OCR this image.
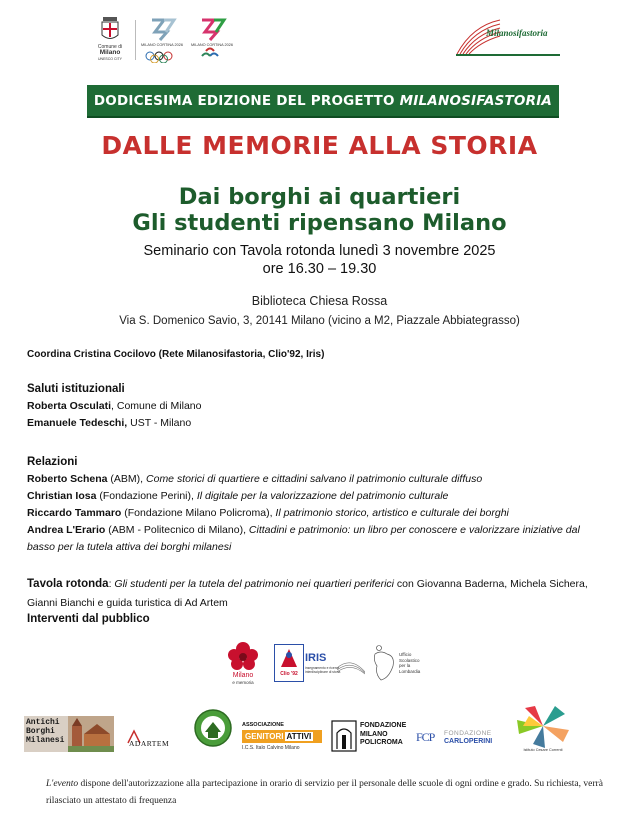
Comune di
Milano
UNESCO CITY
MILANO CORTINA 2026 MILANO CORTINA 2026
Milanosifastoria
DODICESIMA EDIZIONE DEL PROGETTO MILANOSIFASTORIA
DALLE MEMORIE ALLA STORIA
Dai borghi ai quartieri
Gli studenti ripensano Milano
Seminario con Tavola rotonda lunedì 3 novembre 2025
ore 16.30 – 19.30
Biblioteca Chiesa Rossa
Via S. Domenico Savio, 3, 20141 Milano (vicino a M2, Piazzale Abbiategrasso)
Coordina Cristina Cocilovo (Rete Milanosifastoria, Clio'92, Iris)
Saluti istituzionali
Roberta Osculati, Comune di Milano
Emanuele Tedeschi, UST - Milano
Relazioni
Roberto Schena (ABM), Come storici di quartiere e cittadini salvano il patrimonio culturale diffuso
Christian Iosa (Fondazione Perini), Il digitale per la valorizzazione del patrimonio culturale
Riccardo Tammaro (Fondazione Milano Policroma), Il patrimonio storico, artistico e culturale dei borghi
Andrea L'Erario (ABM - Politecnico di Milano), Cittadini e patrimonio: un libro per conoscere e valorizzare iniziative dal basso per la tutela attiva dei borghi milanesi
Tavola rotonda: Gli studenti per la tutela del patrimonio nei quartieri periferici con Giovanna Baderna, Michela Sichera, Gianni Bianchi e guida turistica di Ad Artem
Interventi dal pubblico
Milano
e memoria
Clio '92
IRIS
insegnamento e ricerca interdisciplinare di storia
Ufficio
Scolastico
per la
Lombardia
Antichi
Borghi
Milanesi	ADARTEM
ASSOCIAZIONE
GENITORI ATTIVI
I.C.S. Italo Calvino Milano
FONDAZIONE
MILANO
POLICROMA FCP FONDAZIONE
CARLOPERINI
Istituto Cesare Correnti
L'evento dispone dell'autorizzazione alla partecipazione in orario di servizio per il personale delle scuole di ogni ordine e grado. Su richiesta, verrà rilasciato un attestato di frequenza
